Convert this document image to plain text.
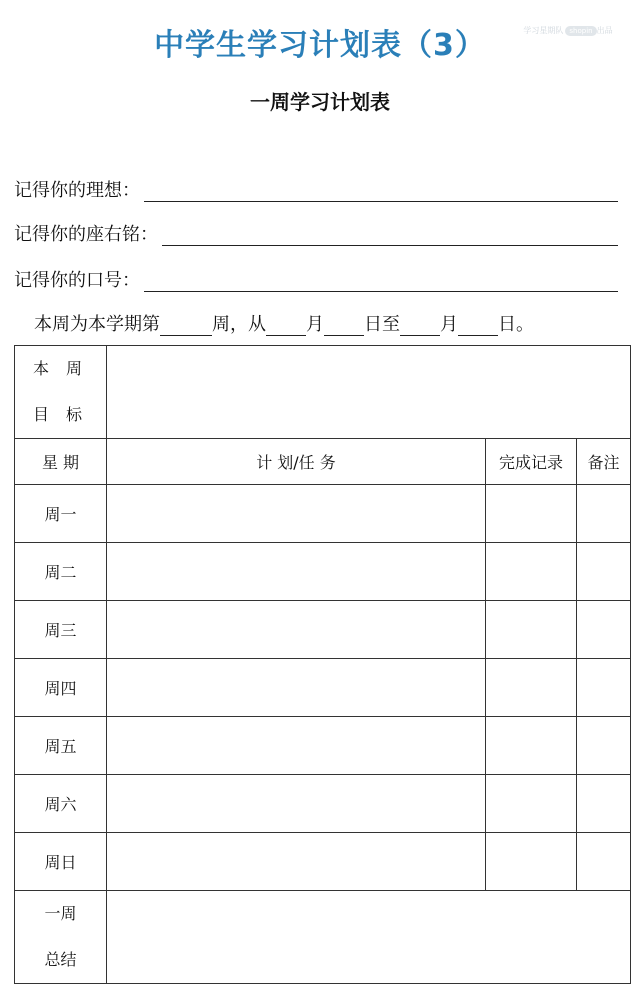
中学生学习计划表（3）	学习星期队 shopin 出品
一周学习计划表
记得你的理想：
记得你的座右铭：
记得你的口号：
本周为本学期第	周，从 月 日至 月 日。
本 周
目 标			

星 期	计 划/任 务	完成记录	备注
周一			
周二			
周三			
周四			
周五			
周六			
周日			

一周
总结			
